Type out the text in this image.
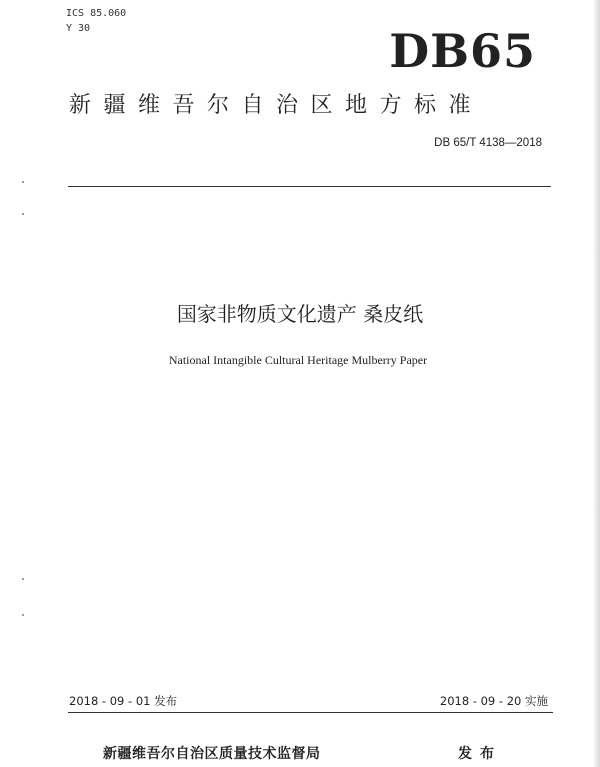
ICS 85.060
Y 30	DB65
新疆维吾尔自治区地方标准
DB 65/T 4138—2018
国家非物质文化遗产 桑皮纸
National Intangible Cultural Heritage Mulberry Paper
2018 - 09 - 01 发布	2018 - 09 - 20 实施
新疆维吾尔自治区质量技术监督局	发布
